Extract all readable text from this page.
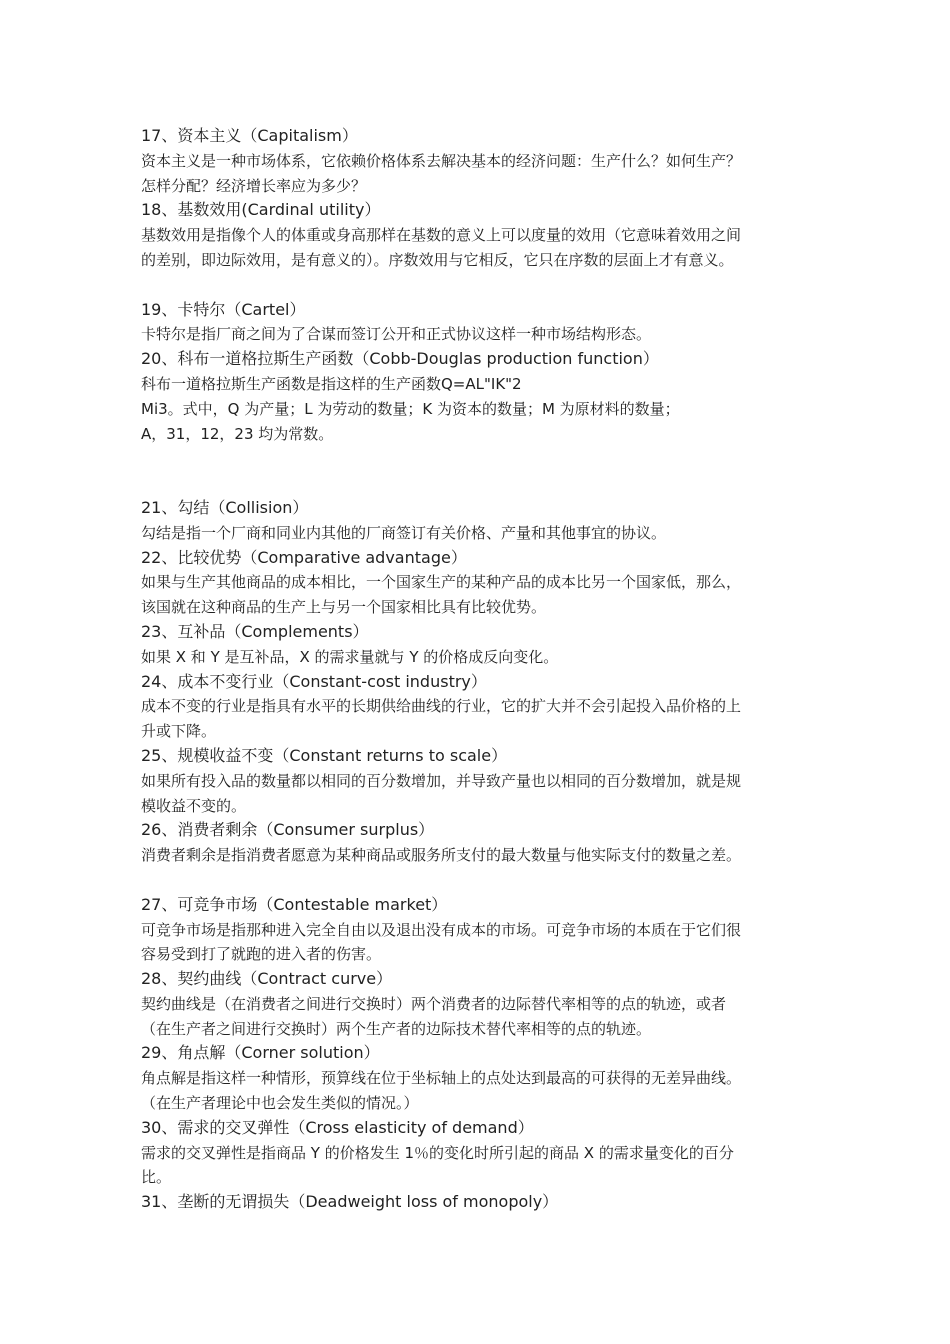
17、资本主义（Capitalism）
资本主义是一种市场体系，它依赖价格体系去解决基本的经济问题：生产什么？如何生产？
怎样分配？经济增长率应为多少？
18、基数效用(Cardinal utility）
基数效用是指像个人的体重或身高那样在基数的意义上可以度量的效用（它意味着效用之间
的差别，即边际效用，是有意义的）。序数效用与它相反，它只在序数的层面上才有意义。
19、卡特尔（Cartel）
卡特尔是指厂商之间为了合谋而签订公开和正式协议这样一种市场结构形态。
20、科布一道格拉斯生产函数（Cobb-Douglas production function）
科布一道格拉斯生产函数是指这样的生产函数Q=AL"IK"2
Mi3。式中，Q 为产量；L 为劳动的数量；K 为资本的数量；M 为原材料的数量；
A，31，12，23 均为常数。
21、勾结（Collision）
勾结是指一个厂商和同业内其他的厂商签订有关价格、产量和其他事宜的协议。
22、比较优势（Comparative advantage）
如果与生产其他商品的成本相比，一个国家生产的某种产品的成本比另一个国家低，那么，
该国就在这种商品的生产上与另一个国家相比具有比较优势。
23、互补品（Complements）
如果 X 和 Y 是互补品，X 的需求量就与 Y 的价格成反向变化。
24、成本不变行业（Constant-cost industry）
成本不变的行业是指具有水平的长期供给曲线的行业，它的扩大并不会引起投入品价格的上
升或下降。
25、规模收益不变（Constant returns to scale）
如果所有投入品的数量都以相同的百分数增加，并导致产量也以相同的百分数增加，就是规
模收益不变的。
26、消费者剩余（Consumer surplus）
消费者剩余是指消费者愿意为某种商品或服务所支付的最大数量与他实际支付的数量之差。
27、可竞争市场（Contestable market）
可竞争市场是指那种进入完全自由以及退出没有成本的市场。可竞争市场的本质在于它们很
容易受到打了就跑的进入者的伤害。
28、契约曲线（Contract curve）
契约曲线是（在消费者之间进行交换时）两个消费者的边际替代率相等的点的轨迹，或者
（在生产者之间进行交换时）两个生产者的边际技术替代率相等的点的轨迹。
29、角点解（Corner solution）
角点解是指这样一种情形，预算线在位于坐标轴上的点处达到最高的可获得的无差异曲线。
（在生产者理论中也会发生类似的情况。）
30、需求的交叉弹性（Cross elasticity of demand）
需求的交叉弹性是指商品 Y 的价格发生 1％的变化时所引起的商品 X 的需求量变化的百分
比。
31、垄断的无谓损失（Deadweight loss of monopoly）
